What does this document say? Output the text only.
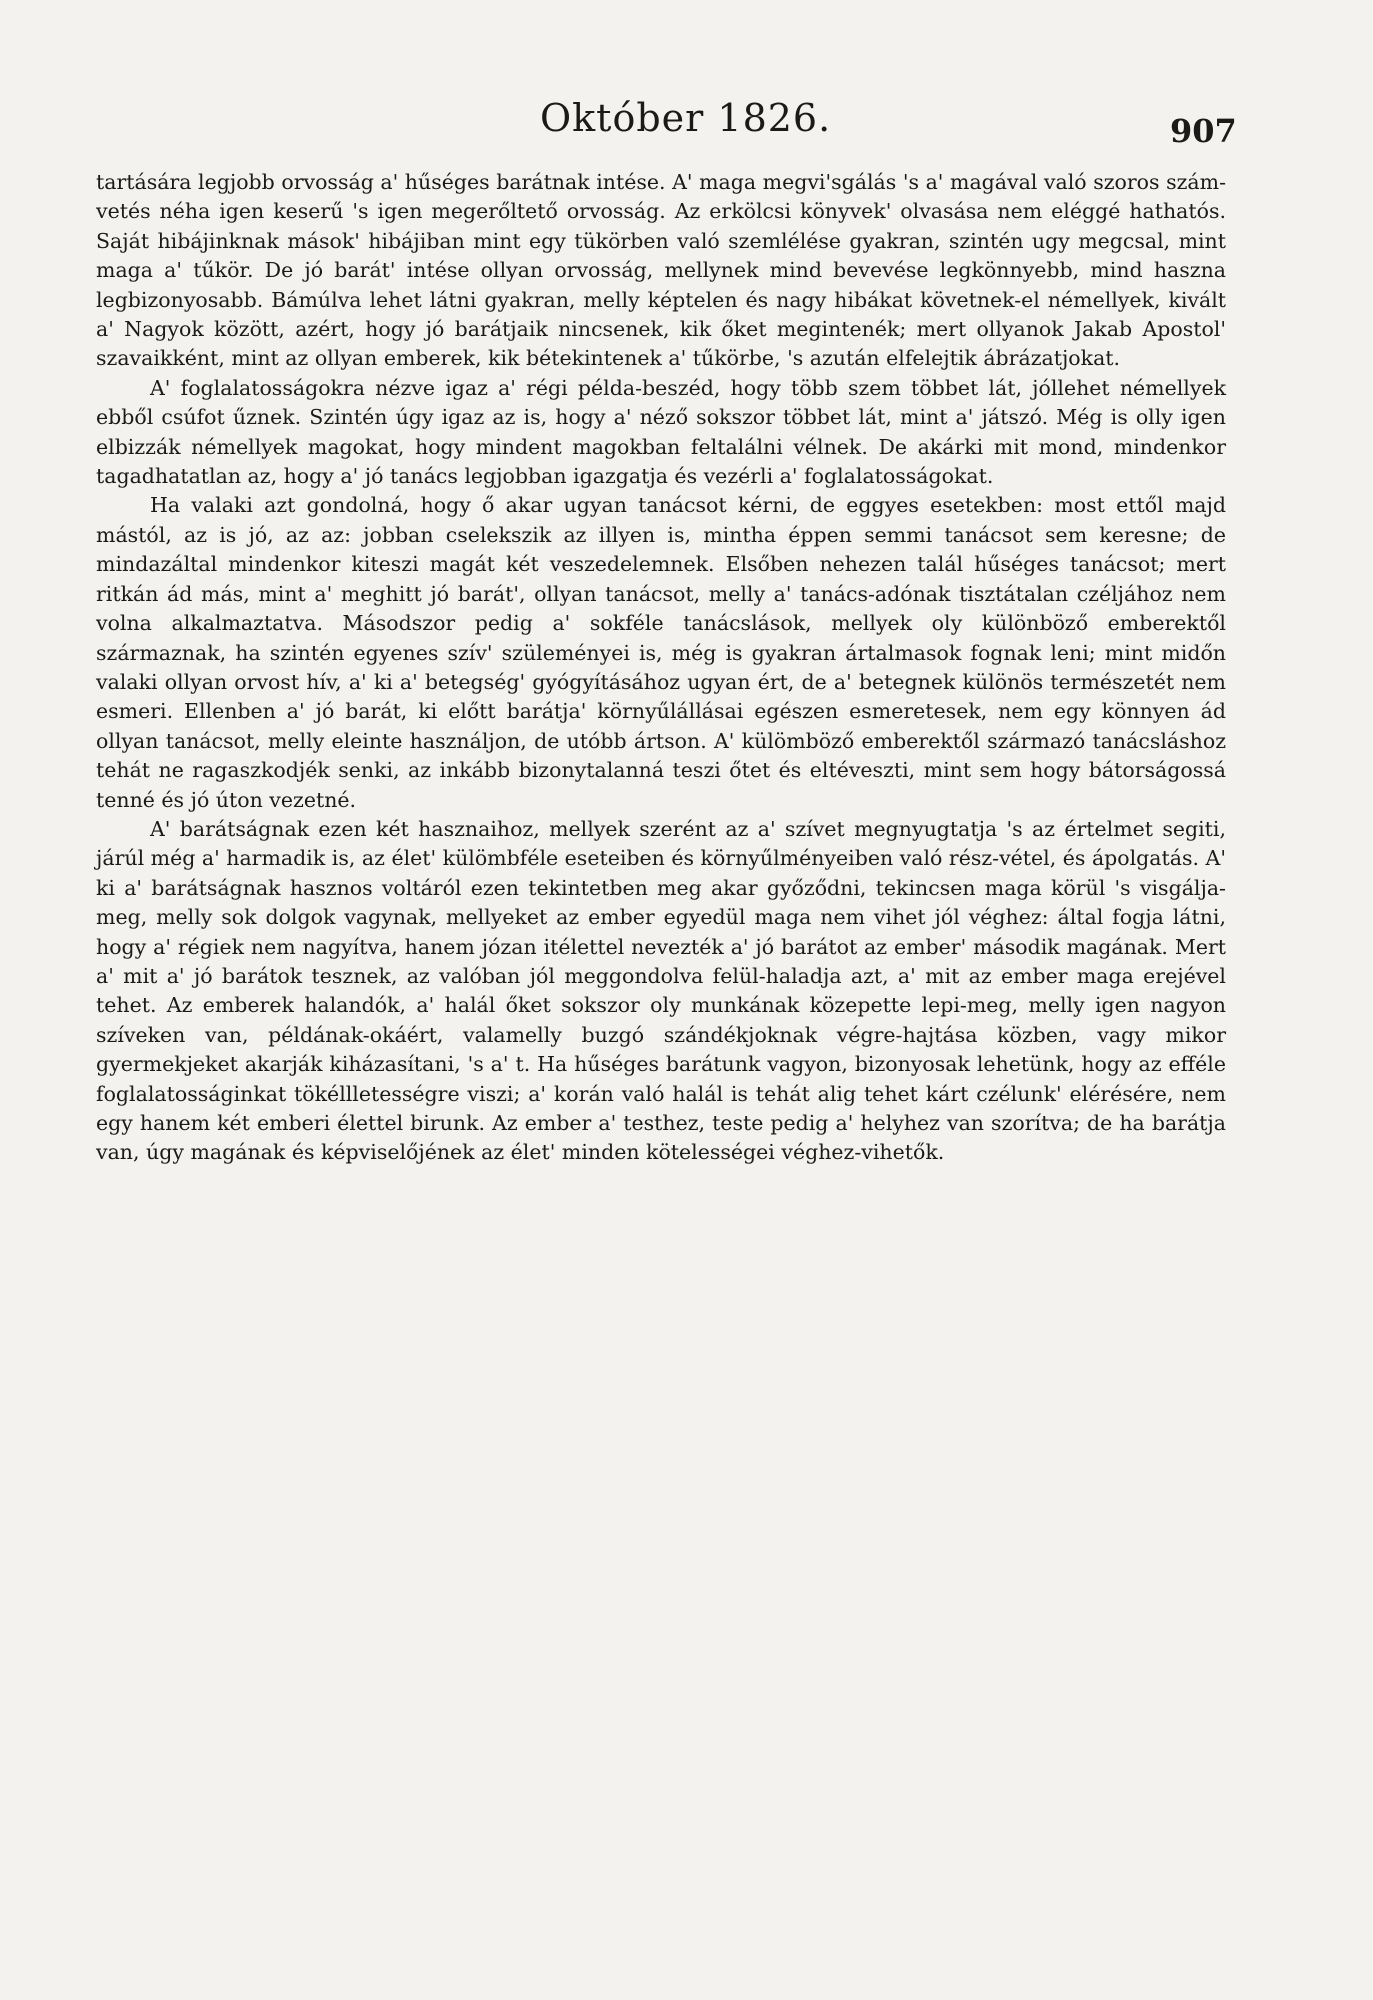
Október 1826.	907

tartására legjobb orvosság a' hűséges barátnak intése. A' maga megvi'sgálás 's a' magával való szoros szám-vetés néha igen keserű 's igen megerőltető orvosság. Az erkölcsi könyvek' olvasása nem eléggé hathatós. Saját hibájinknak mások' hibájiban mint egy tükörben való szemlélése gyakran, szintén ugy megcsal, mint maga a' tűkör. De jó barát' intése ollyan orvosság, mellynek mind bevevése legkönnyebb, mind haszna legbizonyosabb. Bámúlva lehet látni gyakran, melly képtelen és nagy hibákat követnek-el némellyek, kivált a' Nagyok között, azért, hogy jó barátjaik nincsenek, kik őket megintenék; mert ollyanok Jakab Apostol' szavaikként, mint az ollyan emberek, kik bétekintenek a' tűkörbe, 's azután elfelejtik ábrázatjokat.

A' foglalatosságokra nézve igaz a' régi példa-beszéd, hogy több szem többet lát, jóllehet némellyek ebből csúfot űznek. Szintén úgy igaz az is, hogy a' néző sokszor többet lát, mint a' játszó. Még is olly igen elbizzák némellyek magokat, hogy mindent magokban feltalálni vélnek. De akárki mit mond, mindenkor tagadhatatlan az, hogy a' jó tanács legjobban igazgatja és vezérli a' foglalatosságokat.

Ha valaki azt gondolná, hogy ő akar ugyan tanácsot kérni, de eggyes esetekben: most ettől majd mástól, az is jó, az az: jobban cselekszik az illyen is, mintha éppen semmi tanácsot sem keresne; de mindazáltal mindenkor kiteszi magát két veszedelemnek. Elsőben nehezen talál hűséges tanácsot; mert ritkán ád más, mint a' meghitt jó barát', ollyan tanácsot, melly a' tanács-adónak tisztátalan czéljához nem volna alkalmaztatva. Másodszor pedig a' sokféle tanácslások, mellyek oly különböző emberektől származnak, ha szintén egyenes szív' szüleményei is, még is gyakran ártalmasok fognak leni; mint midőn valaki ollyan orvost hív, a' ki a' betegség' gyógyításához ugyan ért, de a' betegnek különös természetét nem esmeri. Ellenben a' jó barát, ki előtt barátja' környűlállásai egészen esmeretesek, nem egy könnyen ád ollyan tanácsot, melly eleinte használjon, de utóbb ártson. A' külömböző emberektől származó tanácsláshoz tehát ne ragaszkodjék senki, az inkább bizonytalanná teszi őtet és eltéveszti, mint sem hogy bátorságossá tenné és jó úton vezetné.

A' barátságnak ezen két hasznaihoz, mellyek szerént az a' szívet megnyugtatja 's az értelmet segiti, járúl még a' harmadik is, az élet' külömbféle eseteiben és környűlményeiben való rész-vétel, és ápolgatás. A' ki a' barátságnak hasznos voltáról ezen tekintetben meg akar győződni, tekincsen maga körül 's visgálja-meg, melly sok dolgok vagynak, mellyeket az ember egyedül maga nem vihet jól véghez: által fogja látni, hogy a' régiek nem nagyítva, hanem józan itélettel nevezték a' jó barátot az ember' második magának. Mert a' mit a' jó barátok tesznek, az valóban jól meggondolva felül-haladja azt, a' mit az ember maga erejével tehet. Az emberek halandók, a' halál őket sokszor oly munkának közepette lepi-meg, melly igen nagyon szíveken van, példának-okáért, valamelly buzgó szándékjoknak végre-hajtása közben, vagy mikor gyermekjeket akarják kiházasítani, 's a' t. Ha hűséges barátunk vagyon, bizonyosak lehetünk, hogy az efféle foglalatosságinkat tökéllletességre viszi; a' korán való halál is tehát alig tehet kárt czélunk' elérésére, nem egy hanem két emberi élettel birunk. Az ember a' testhez, teste pedig a' helyhez van szorítva; de ha barátja van, úgy magának és képviselőjének az élet' minden kötelességei véghez-vihetők.
